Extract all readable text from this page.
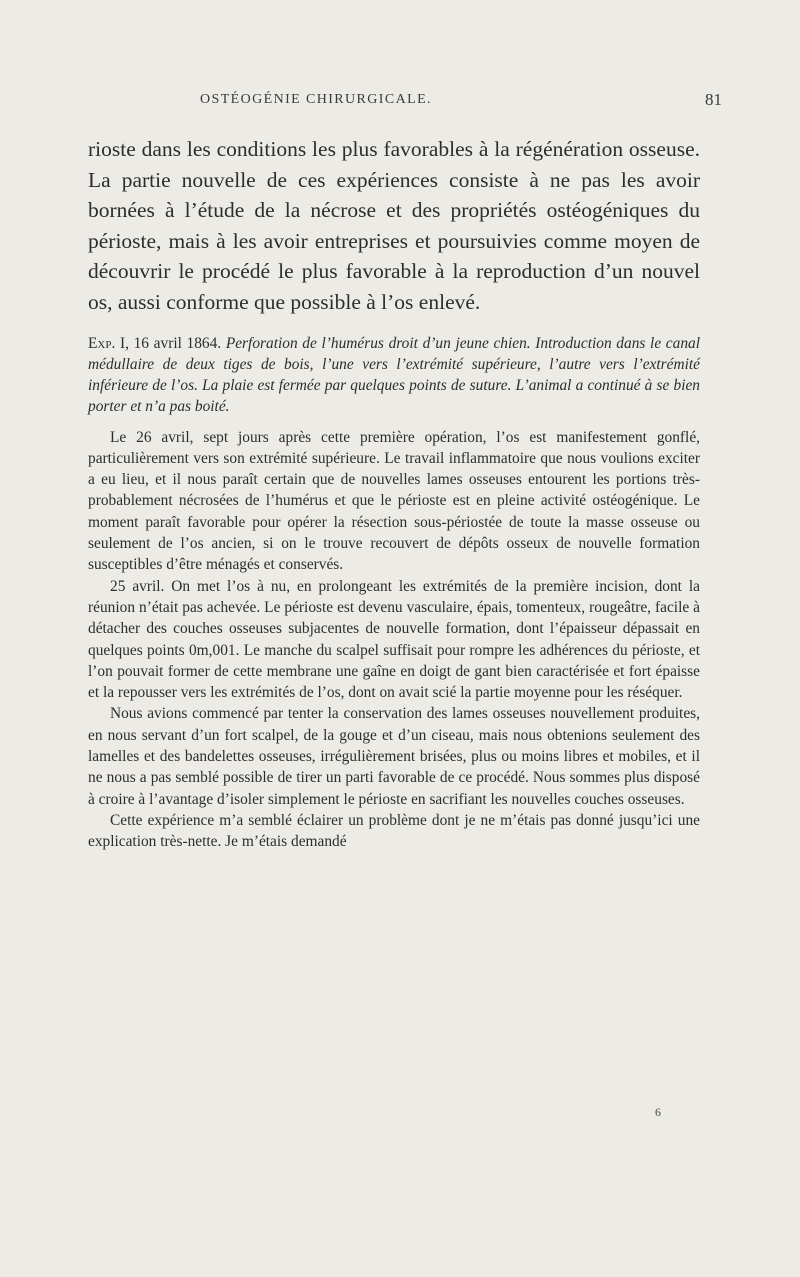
OSTÉOGÉNIE CHIRURGICALE.	81

rioste dans les conditions les plus favorables à la régénération osseuse. La partie nouvelle de ces expériences consiste à ne pas les avoir bornées à l’étude de la nécrose et des propriétés ostéogéniques du périoste, mais à les avoir entreprises et poursuivies comme moyen de découvrir le procédé le plus favorable à la reproduction d’un nouvel os, aussi conforme que possible à l’os enlevé.

Exp. I, 16 avril 1864. Perforation de l’humérus droit d’un jeune chien. Introduction dans le canal médullaire de deux tiges de bois, l’une vers l’extrémité supérieure, l’autre vers l’extrémité inférieure de l’os. La plaie est fermée par quelques points de suture. L’animal a continué à se bien porter et n’a pas boité.

Le 26 avril, sept jours après cette première opération, l’os est manifestement gonflé, particulièrement vers son extrémité supérieure. Le travail inflammatoire que nous voulions exciter a eu lieu, et il nous paraît certain que de nouvelles lames osseuses entourent les portions très-probablement nécrosées de l’humérus et que le périoste est en pleine activité ostéogénique. Le moment paraît favorable pour opérer la résection sous-périostée de toute la masse osseuse ou seulement de l’os ancien, si on le trouve recouvert de dépôts osseux de nouvelle formation susceptibles d’être ménagés et conservés.

25 avril. On met l’os à nu, en prolongeant les extrémités de la première incision, dont la réunion n’était pas achevée. Le périoste est devenu vasculaire, épais, tomenteux, rougeâtre, facile à détacher des couches osseuses subjacentes de nouvelle formation, dont l’épaisseur dépassait en quelques points 0m,001. Le manche du scalpel suffisait pour rompre les adhérences du périoste, et l’on pouvait former de cette membrane une gaîne en doigt de gant bien caractérisée et fort épaisse et la repousser vers les extrémités de l’os, dont on avait scié la partie moyenne pour les réséquer.

Nous avions commencé par tenter la conservation des lames osseuses nouvellement produites, en nous servant d’un fort scalpel, de la gouge et d’un ciseau, mais nous obtenions seulement des lamelles et des bandelettes osseuses, irrégulièrement brisées, plus ou moins libres et mobiles, et il ne nous a pas semblé possible de tirer un parti favorable de ce procédé. Nous sommes plus disposé à croire à l’avantage d’isoler simplement le périoste en sacrifiant les nouvelles couches osseuses.

Cette expérience m’a semblé éclairer un problème dont je ne m’étais pas donné jusqu’ici une explication très-nette. Je m’étais demandé

6
